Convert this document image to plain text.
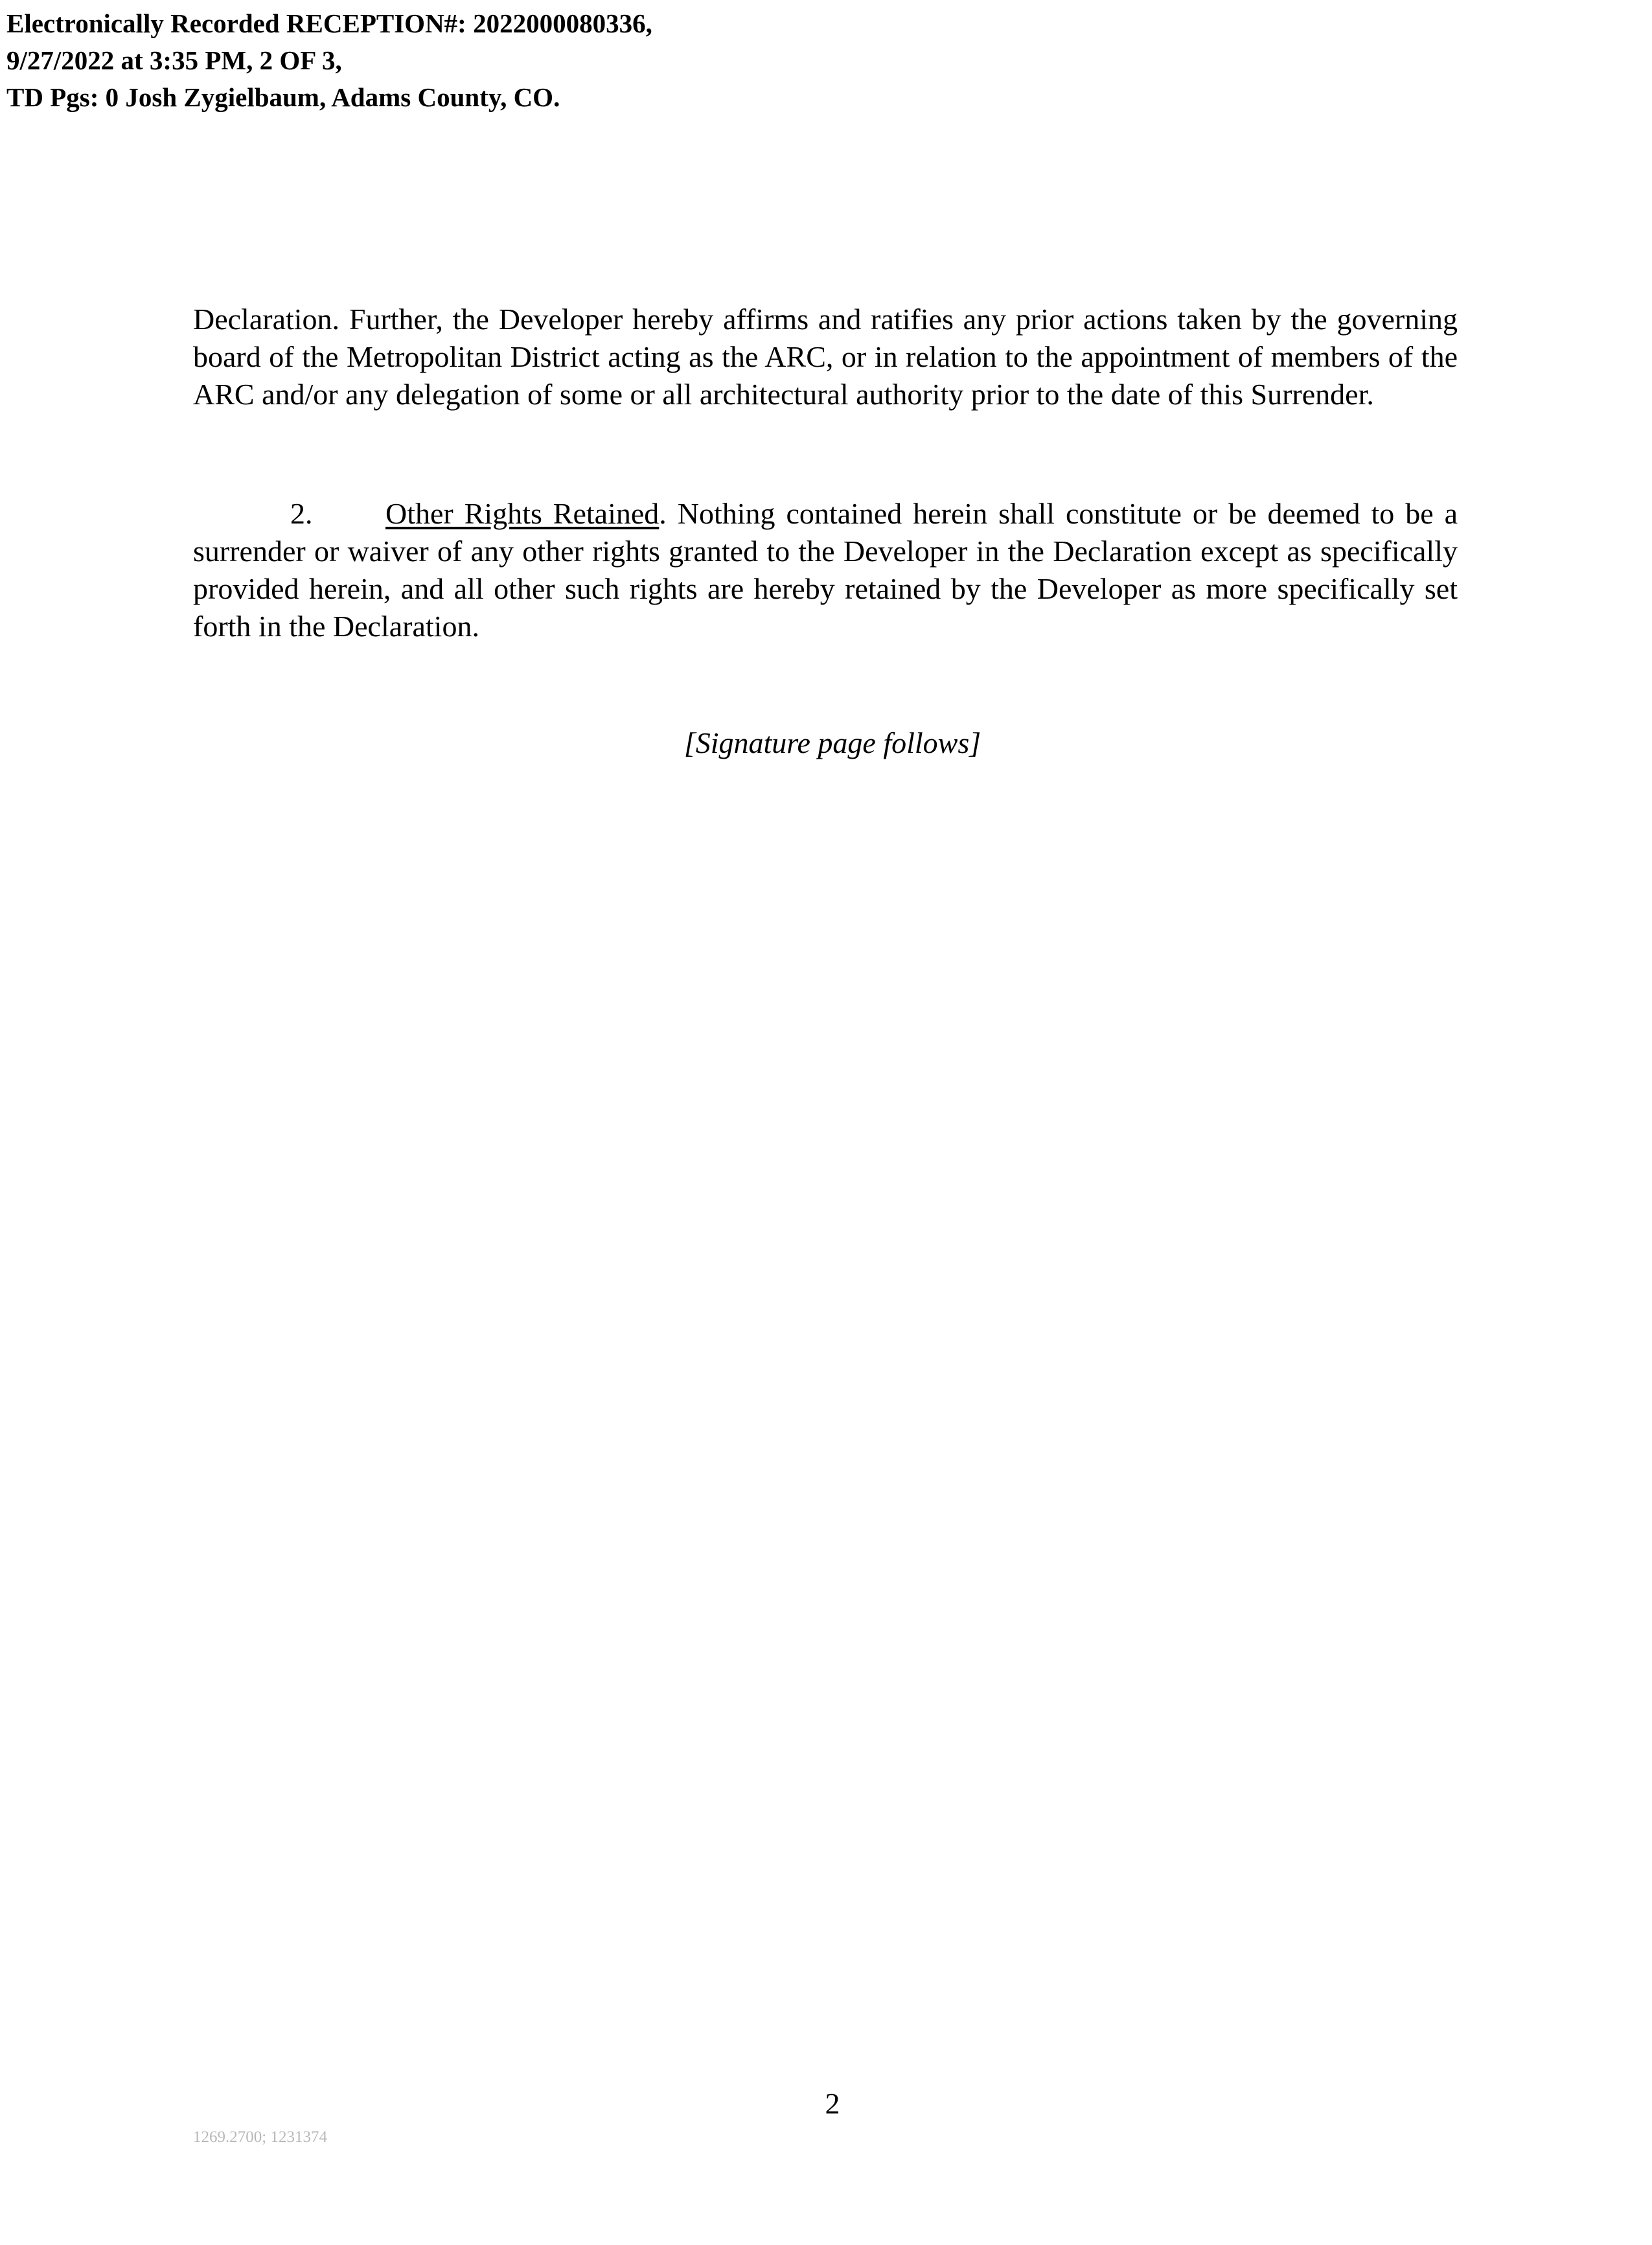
Electronically Recorded RECEPTION#: 2022000080336,
9/27/2022 at 3:35 PM, 2 OF 3,
TD Pgs: 0 Josh Zygielbaum, Adams County, CO.

Declaration. Further, the Developer hereby affirms and ratifies any prior actions taken by the governing board of the Metropolitan District acting as the ARC, or in relation to the appointment of members of the ARC and/or any delegation of some or all architectural authority prior to the date of this Surrender.

2. Other Rights Retained. Nothing contained herein shall constitute or be deemed to be a surrender or waiver of any other rights granted to the Developer in the Declaration except as specifically provided herein, and all other such rights are hereby retained by the Developer as more specifically set forth in the Declaration.

[Signature page follows]
2
1269.2700; 1231374
